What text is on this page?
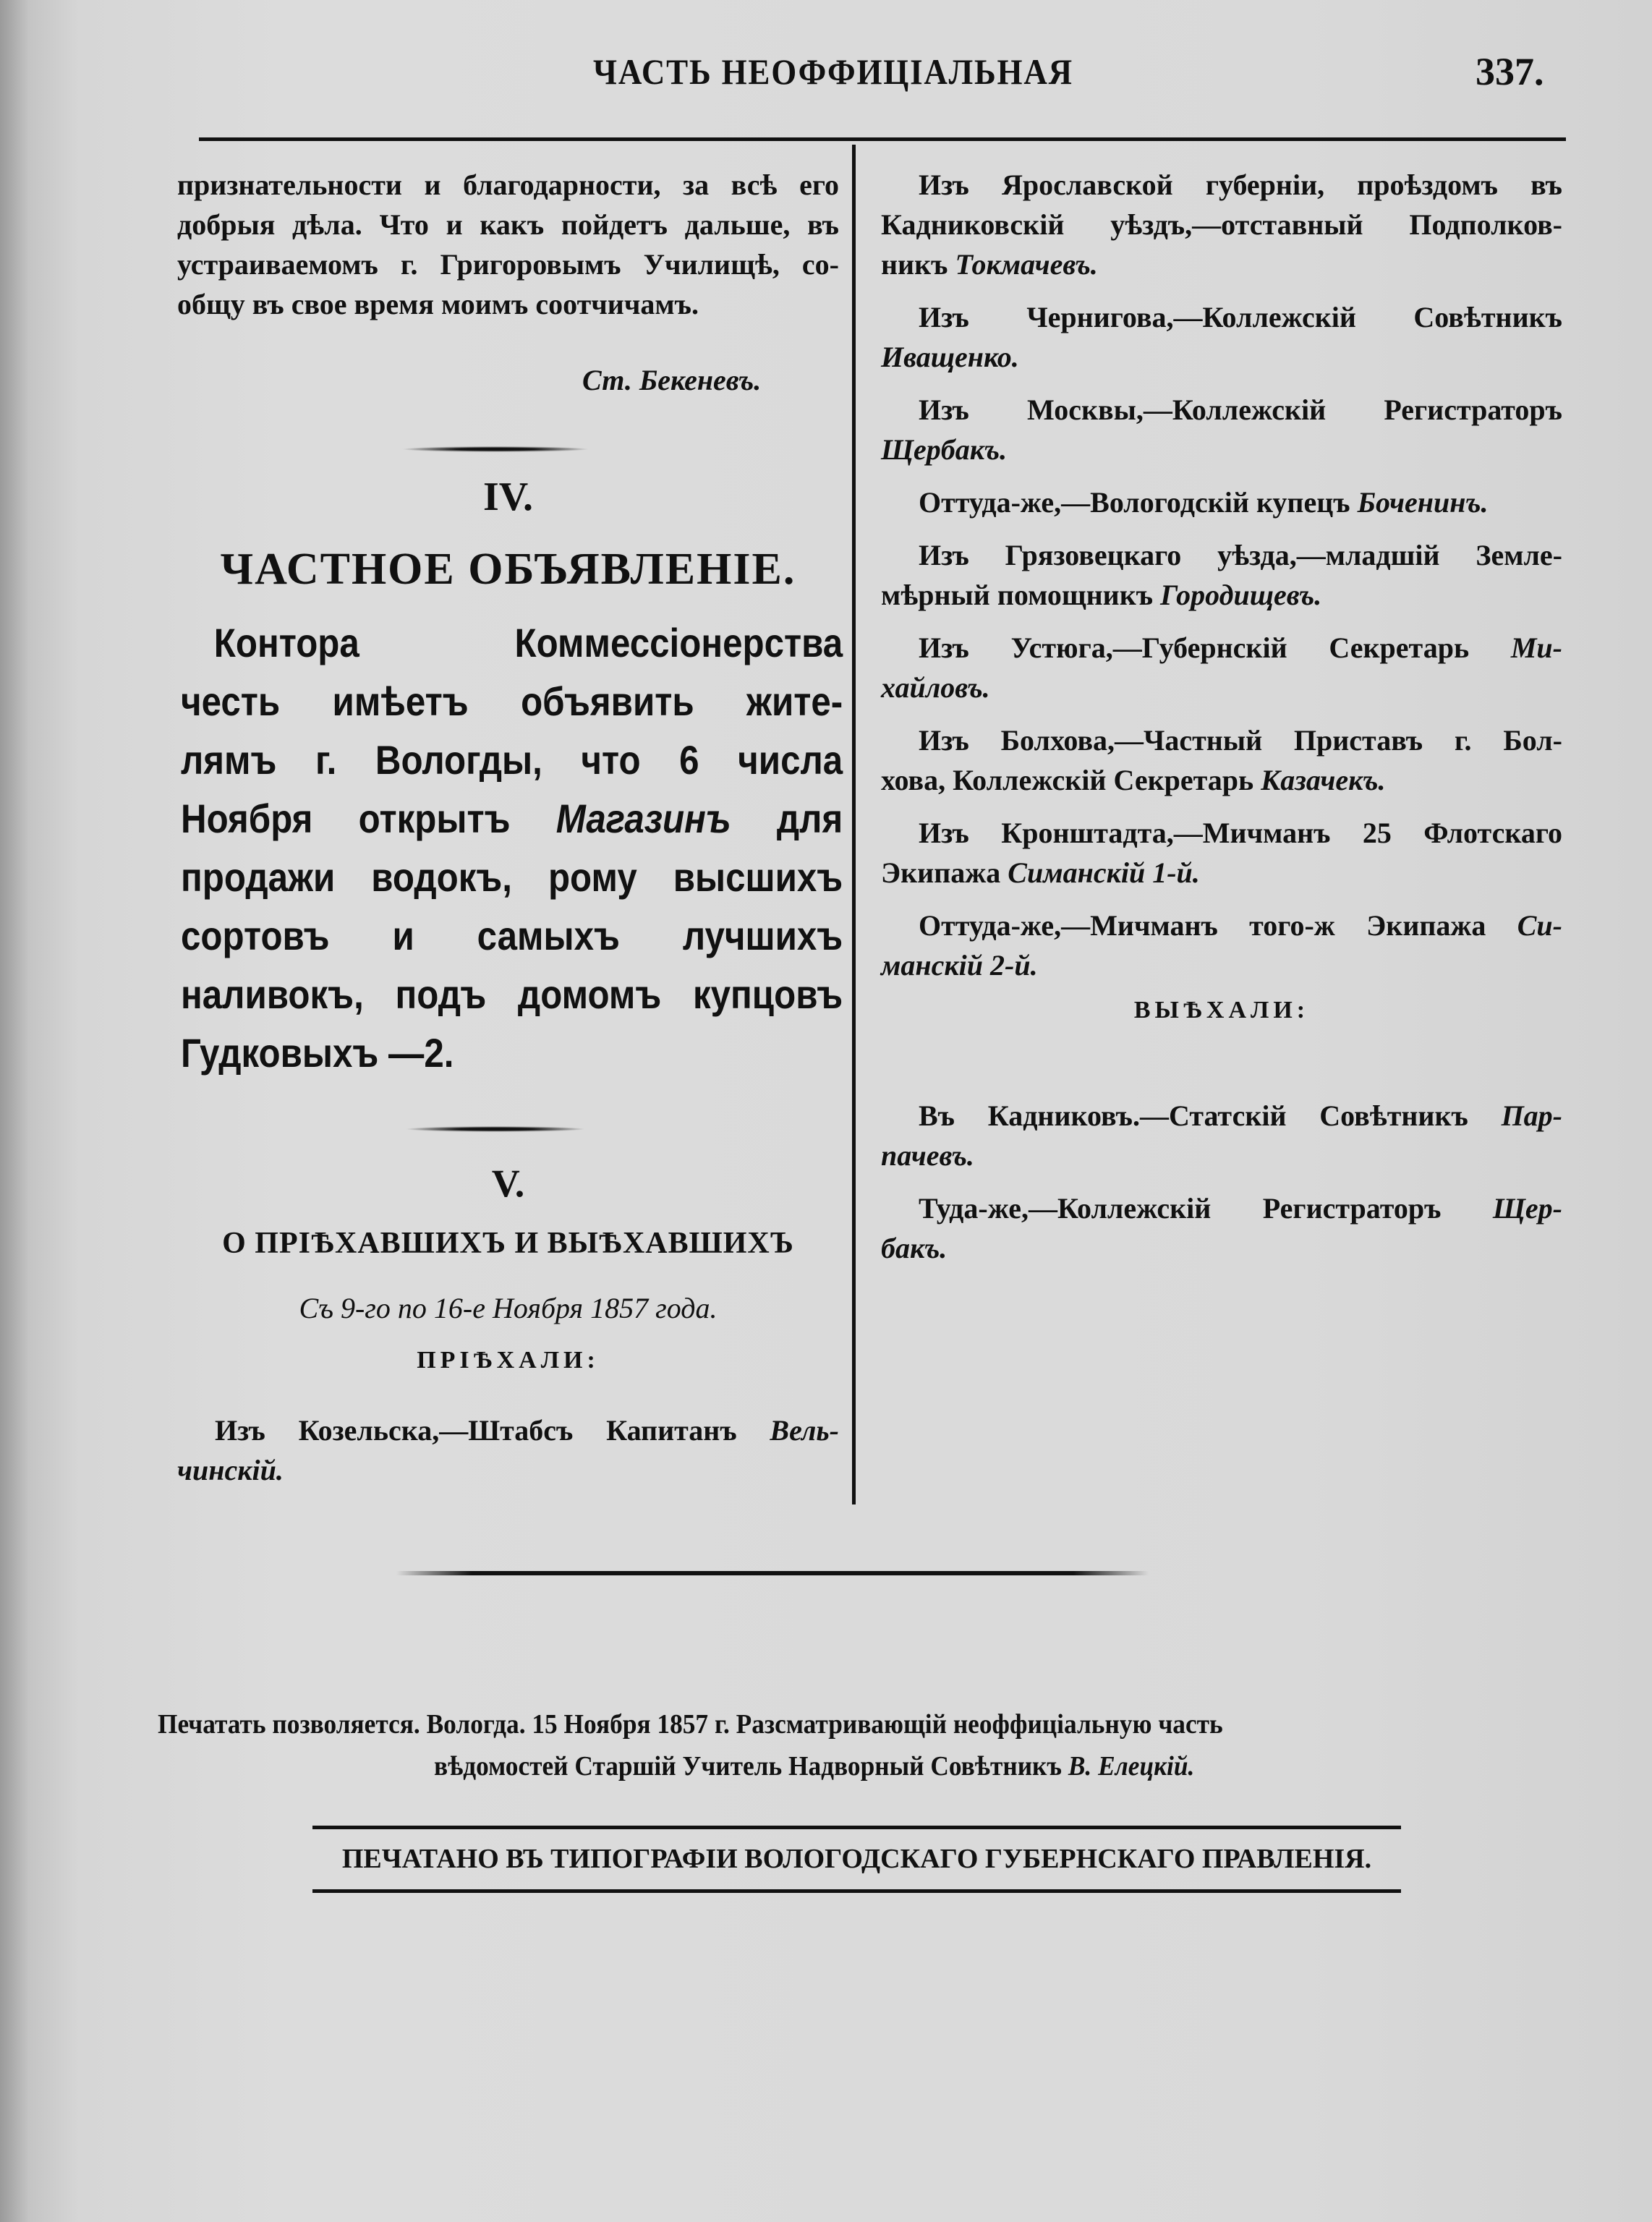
ЧАСТЬ НЕОФФИЦІАЛЬНАЯ	337.
признательности и благодарности, за всѣ его
добрыя дѣла. Что и какъ пойдетъ дальше, въ
устраиваемомъ г. Григоровымъ Училищѣ, со-
общу въ свое время моимъ соотчичамъ.
Ст. Бекеневъ.
IV.
ЧАСТНОЕ ОБЪЯВЛЕНІЕ.
Контора Коммессіонерства
честь имѣетъ объявить жите-
лямъ г. Вологды, что 6 числа
Ноября открытъ Магазинъ для
продажи водокъ, рому высшихъ
сортовъ и самыхъ лучшихъ
наливокъ, подъ домомъ купцовъ
Гудковыхъ —2.
V.
О ПРІѢХАВШИХЪ И ВЫѢХАВШИХЪ
Съ 9-го по 16-е Ноября 1857 года.
ПРІѢХАЛИ:
Изъ Козельска,—Штабсъ Капитанъ Вель-
чинскій.
Изъ Ярославской губерніи, проѣздомъ въ
Кадниковскій уѣздъ,—отставный Подполков-
никъ Токмачевъ.
Изъ Чернигова,—Коллежскій Совѣтникъ
Иващенко.
Изъ Москвы,—Коллежскій Регистраторъ
Щербакъ.
Оттуда-же,—Вологодскій купецъ Боченинъ.
Изъ Грязовецкаго уѣзда,—младшій Земле-
мѣрный помощникъ Городищевъ.
Изъ Устюга,—Губернскій Секретарь Ми-
хайловъ.
Изъ Болхова,—Частный Приставъ г. Бол-
хова, Коллежскій Секретарь Казачекъ.
Изъ Кронштадта,—Мичманъ 25 Флотскаго
Экипажа Симанскій 1-й.
Оттуда-же,—Мичманъ того-ж Экипажа Си-
манскій 2-й.
ВЫѢХАЛИ:
Въ Кадниковъ.—Статскій Совѣтникъ Пар-
пачевъ.
Туда-же,—Коллежскій Регистраторъ Щер-
бакъ.
Печатать позволяется. Вологда. 15 Ноября 1857 г. Разсматривающій неоффиціальную часть
вѣдомостей Старшій Учитель Надворный Совѣтникъ В. Елецкій.
ПЕЧАТАНО ВЪ ТИПОГРАФІИ ВОЛОГОДСКАГО ГУБЕРНСКАГО ПРАВЛЕНІЯ.
